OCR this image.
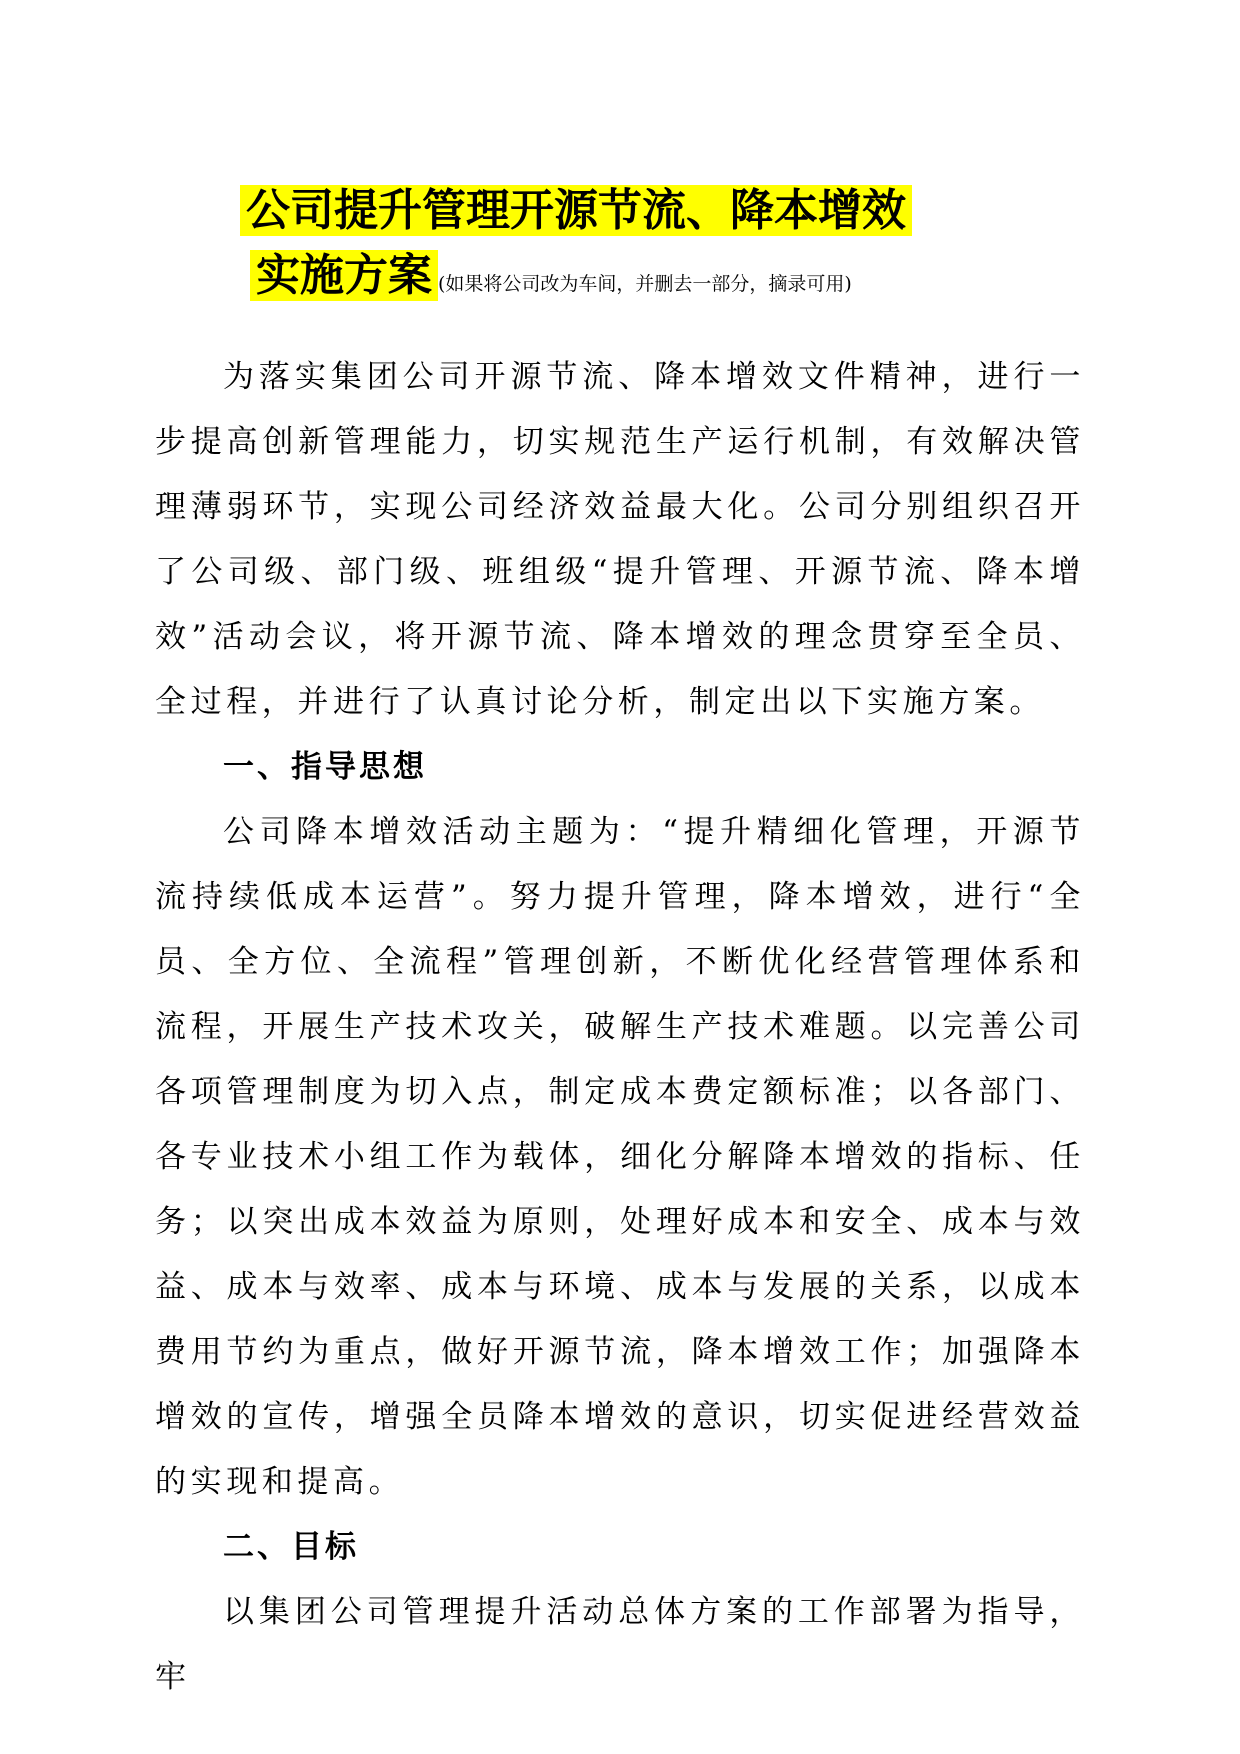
公司提升管理开源节流、降本增效
实施方案 (如果将公司改为车间，并删去一部分，摘录可用)

为落实集团公司开源节流、降本增效文件精神，进行一步提高创新管理能力，切实规范生产运行机制，有效解决管理薄弱环节，实现公司经济效益最大化。公司分别组织召开了公司级、部门级、班组级“提升管理、开源节流、降本增效”活动会议，将开源节流、降本增效的理念贯穿至全员、全过程，并进行了认真讨论分析，制定出以下实施方案。

一、指导思想

公司降本增效活动主题为：“提升精细化管理，开源节流持续低成本运营”。努力提升管理，降本增效，进行“全员、全方位、全流程”管理创新，不断优化经营管理体系和流程，开展生产技术攻关，破解生产技术难题。以完善公司各项管理制度为切入点，制定成本费定额标准；以各部门、各专业技术小组工作为载体，细化分解降本增效的指标、任务；以突出成本效益为原则，处理好成本和安全、成本与效益、成本与效率、成本与环境、成本与发展的关系，以成本费用节约为重点，做好开源节流，降本增效工作；加强降本增效的宣传，增强全员降本增效的意识，切实促进经营效益的实现和提高。

二、目标

以集团公司管理提升活动总体方案的工作部署为指导，牢
